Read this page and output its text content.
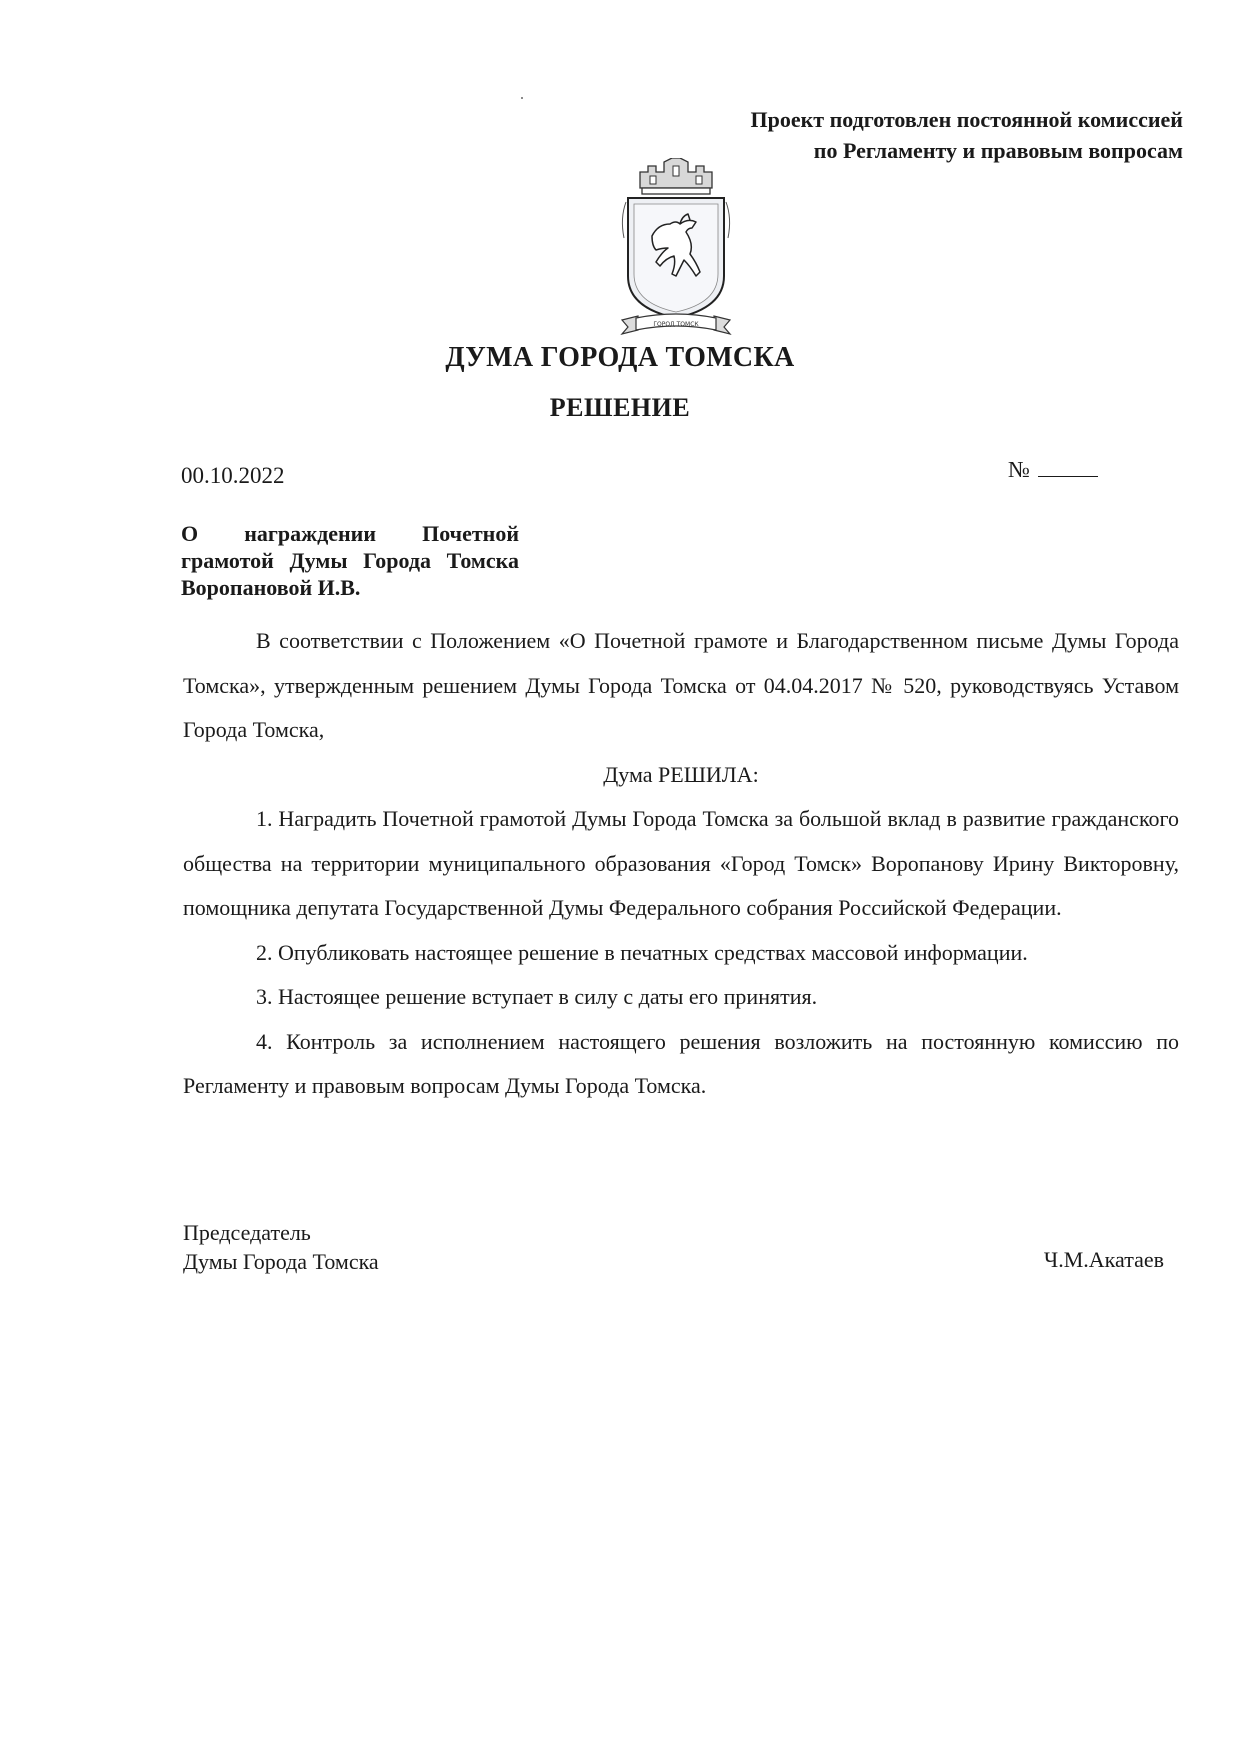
Проект подготовлен постоянной комиссией
по Регламенту и правовым вопросам
ГОРОД ТОМСК
ДУМА ГОРОДА ТОМСКА
РЕШЕНИЕ
00.10.2022	№
О награждении Почетной грамотой Думы Города Томска Воропановой И.В.

В соответствии с Положением «О Почетной грамоте и Благодарственном письме Думы Города Томска», утвержденным решением Думы Города Томска от 04.04.2017 № 520, руководствуясь Уставом Города Томска,

Дума РЕШИЛА:

1. Наградить Почетной грамотой Думы Города Томска за большой вклад в развитие гражданского общества на территории муниципального образования «Город Томск» Воропанову Ирину Викторовну, помощника депутата Государственной Думы Федерального собрания Российской Федерации.

2. Опубликовать настоящее решение в печатных средствах массовой информации.

3. Настоящее решение вступает в силу с даты его принятия.

4. Контроль за исполнением настоящего решения возложить на постоянную комиссию по Регламенту и правовым вопросам Думы Города Томска.

Председатель
Думы Города Томска	Ч.М.Акатаев
